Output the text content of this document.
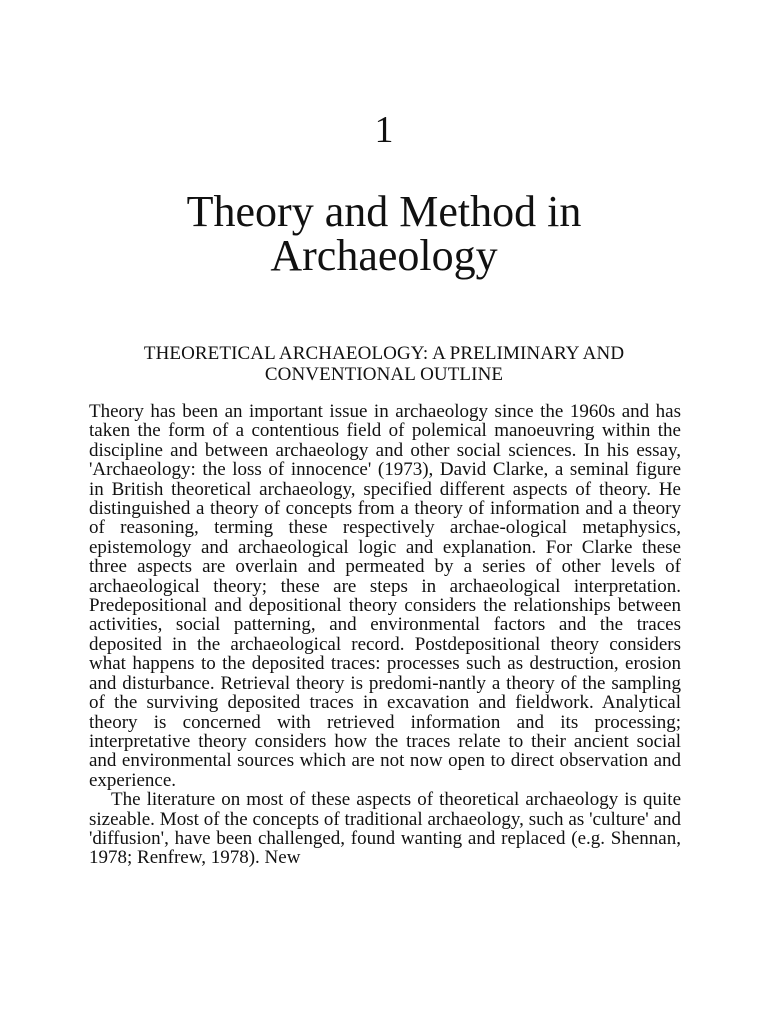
1
Theory and Method in Archaeology
THEORETICAL ARCHAEOLOGY: A PRELIMINARY AND CONVENTIONAL OUTLINE

Theory has been an important issue in archaeology since the 1960s and has taken the form of a contentious field of polemical manoeuvring within the discipline and between archaeology and other social sciences. In his essay, 'Archaeology: the loss of innocence' (1973), David Clarke, a seminal figure in British theoretical archaeology, specified different aspects of theory. He distinguished a theory of concepts from a theory of information and a theory of reasoning, terming these respectively archae-ological metaphysics, epistemology and archaeological logic and explanation. For Clarke these three aspects are overlain and permeated by a series of other levels of archaeological theory; these are steps in archaeological interpretation. Predepositional and depositional theory considers the relationships between activities, social patterning, and environmental factors and the traces deposited in the archaeological record. Postdepositional theory considers what happens to the deposited traces: processes such as destruction, erosion and disturbance. Retrieval theory is predomi-nantly a theory of the sampling of the surviving deposited traces in excavation and fieldwork. Analytical theory is concerned with retrieved information and its processing; interpretative theory considers how the traces relate to their ancient social and environmental sources which are not now open to direct observation and experience.

The literature on most of these aspects of theoretical archaeology is quite sizeable. Most of the concepts of traditional archaeology, such as 'culture' and 'diffusion', have been challenged, found wanting and replaced (e.g. Shennan, 1978; Renfrew, 1978). New
